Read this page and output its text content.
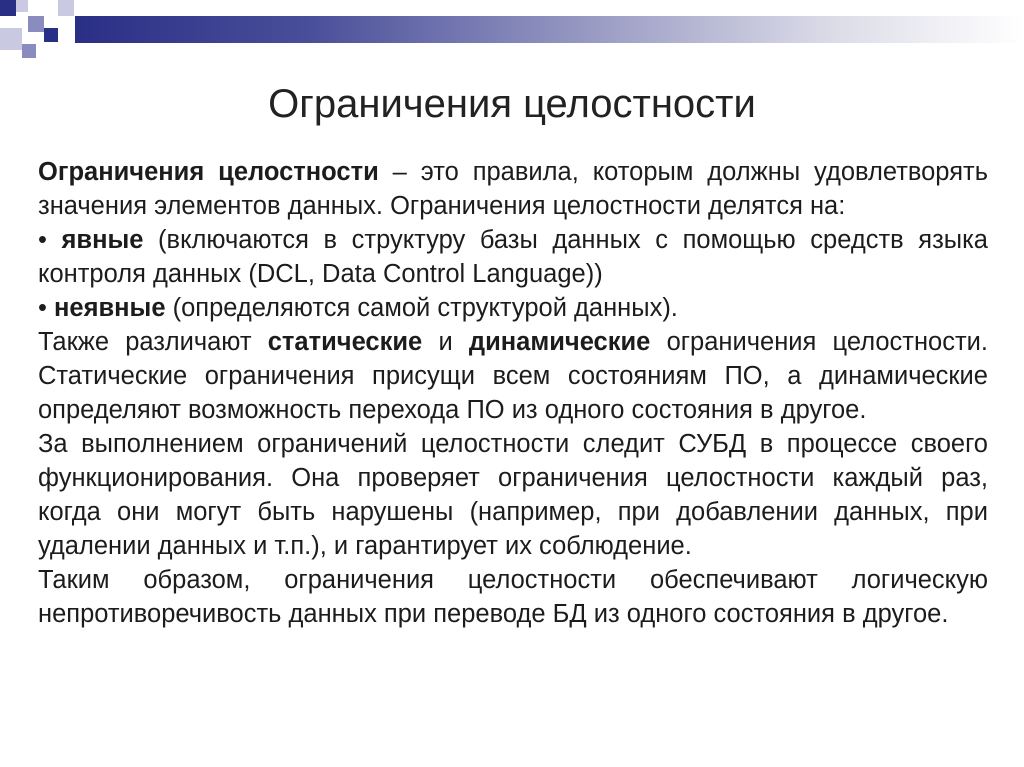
Ограничения целостности

Ограничения целостности – это правила, которым должны удовлетворять значения элементов данных. Ограничения целостности делятся на:

• явные (включаются в структуру базы данных с помощью средств языка контроля данных (DCL, Data Control Language))

• неявные (определяются самой структурой данных).

Также различают статические и динамические ограничения целостности. Статические ограничения присущи всем состояниям ПО, а динамические определяют возможность перехода ПО из одного состояния в другое.

За выполнением ограничений целостности следит СУБД в процессе своего функционирования. Она проверяет ограничения целостности каждый раз, когда они могут быть нарушены (например, при добавлении данных, при удалении данных и т.п.), и гарантирует их соблюдение.

Таким образом, ограничения целостности обеспечивают логическую непротиворечивость данных при переводе БД из одного состояния в другое.
